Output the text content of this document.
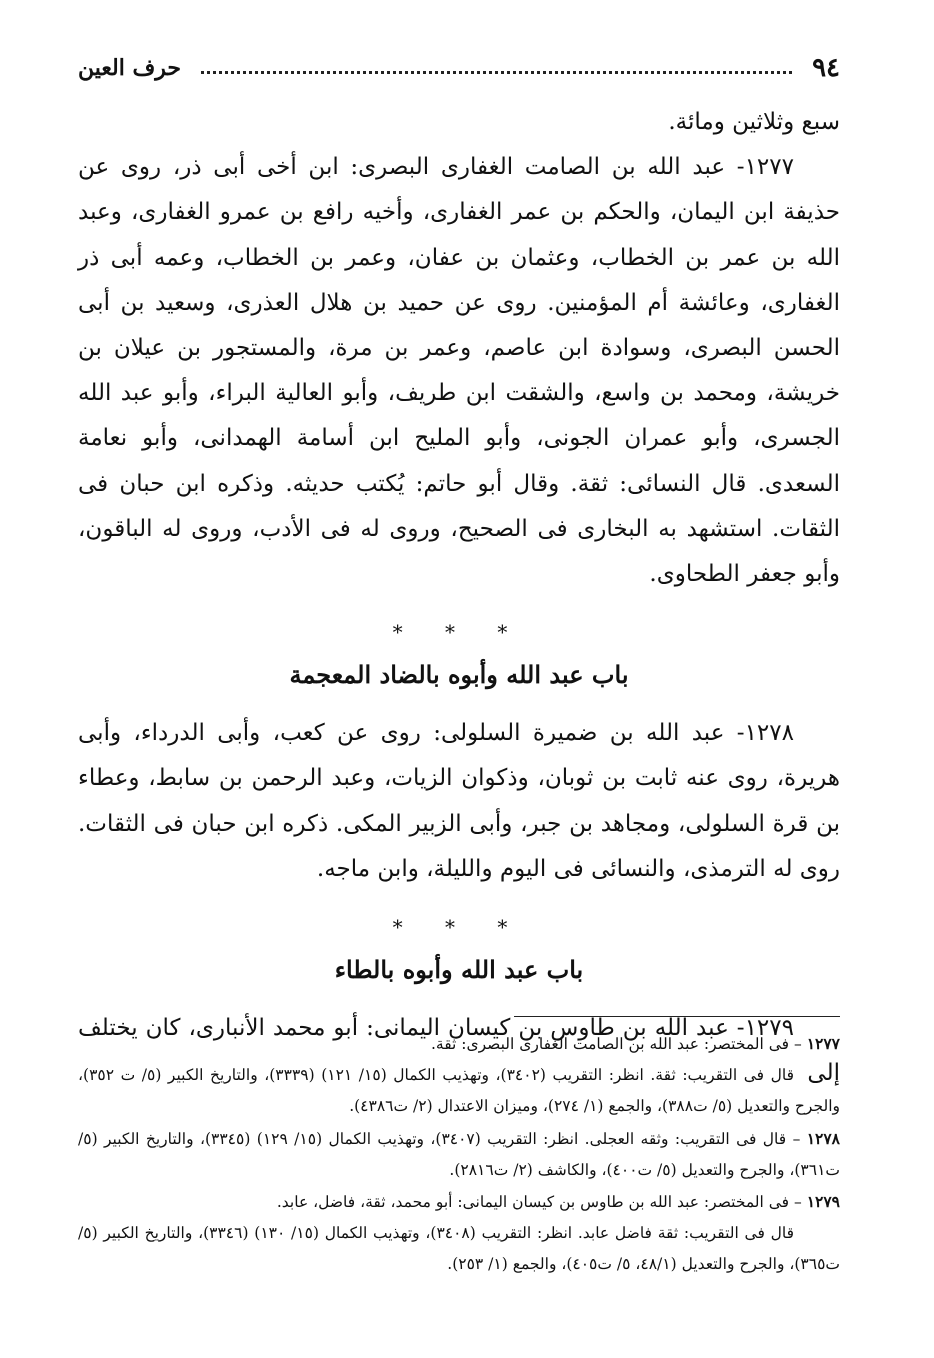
٩٤
حرف العين

سبع وثلاثين ومائة.

١٢٧٧- عبد الله بن الصامت الغفارى البصرى: ابن أخى أبى ذر، روى عن حذيفة ابن اليمان، والحكم بن عمر الغفارى، وأخيه رافع بن عمرو الغفارى، وعبد الله بن عمر بن الخطاب، وعثمان بن عفان، وعمر بن الخطاب، وعمه أبى ذر الغفارى، وعائشة أم المؤمنين. روى عن حميد بن هلال العذرى، وسعيد بن أبى الحسن البصرى، وسوادة ابن عاصم، وعمر بن مرة، والمستجور بن عيلان بن خريشة، ومحمد بن واسع، والشقت ابن طريف، وأبو العالية البراء، وأبو عبد الله الجسرى، وأبو عمران الجونى، وأبو المليح ابن أسامة الهمدانى، وأبو نعامة السعدى. قال النسائى: ثقة. وقال أبو حاتم: يُكتب حديثه. وذكره ابن حبان فى الثقات. استشهد به البخارى فى الصحيح، وروى له فى الأدب، وروى له الباقون، وأبو جعفر الطحاوى.

* * *

باب عبد الله وأبوه بالضاد المعجمة

١٢٧٨- عبد الله بن ضميرة السلولى: روى عن كعب، وأبى الدرداء، وأبى هريرة، روى عنه ثابت بن ثوبان، وذكوان الزيات، وعبد الرحمن بن سابط، وعطاء بن قرة السلولى، ومجاهد بن جبر، وأبى الزبير المكى. ذكره ابن حبان فى الثقات. روى له الترمذى، والنسائى فى اليوم والليلة، وابن ماجه.

* * *

باب عبد الله وأبوه بالطاء

١٢٧٩- عبد الله بن طاوس بن كيسان اليمانى: أبو محمد الأنبارى، كان يختلف إلى

١٢٧٧ – فى المختصر: عبد الله بن الصامت الغفارى البصرى: ثقة.

قال فى التقريب: ثقة. انظر: التقريب (٣٤٠٢)، وتهذيب الكمال (١٥/ ١٢١) (٣٣٣٩)، والتاريخ الكبير (٥/ ت ٣٥٢)، والجرح والتعديل (٥/ ت٣٨٨)، والجمع (١/ ٢٧٤)، وميزان الاعتدال (٢/ ت٤٣٨٦).

١٢٧٨ – قال فى التقريب: وثقه العجلى. انظر: التقريب (٣٤٠٧)، وتهذيب الكمال (١٥/ ١٢٩) (٣٣٤٥)، والتاريخ الكبير (٥/ ت٣٦١)، والجرح والتعديل (٥/ ت٤٠٠)، والكاشف (٢/ ت٢٨١٦).

١٢٧٩ – فى المختصر: عبد الله بن طاوس بن كيسان اليمانى: أبو محمد، ثقة، فاضل، عابد.

قال فى التقريب: ثقة فاضل عابد. انظر: التقريب (٣٤٠٨)، وتهذيب الكمال (١٥/ ١٣٠) (٣٣٤٦)، والتاريخ الكبير (٥/ ت٣٦٥)، والجرح والتعديل (٤٨/١، ٥/ ت٤٠٥)، والجمع (١/ ٢٥٣).
